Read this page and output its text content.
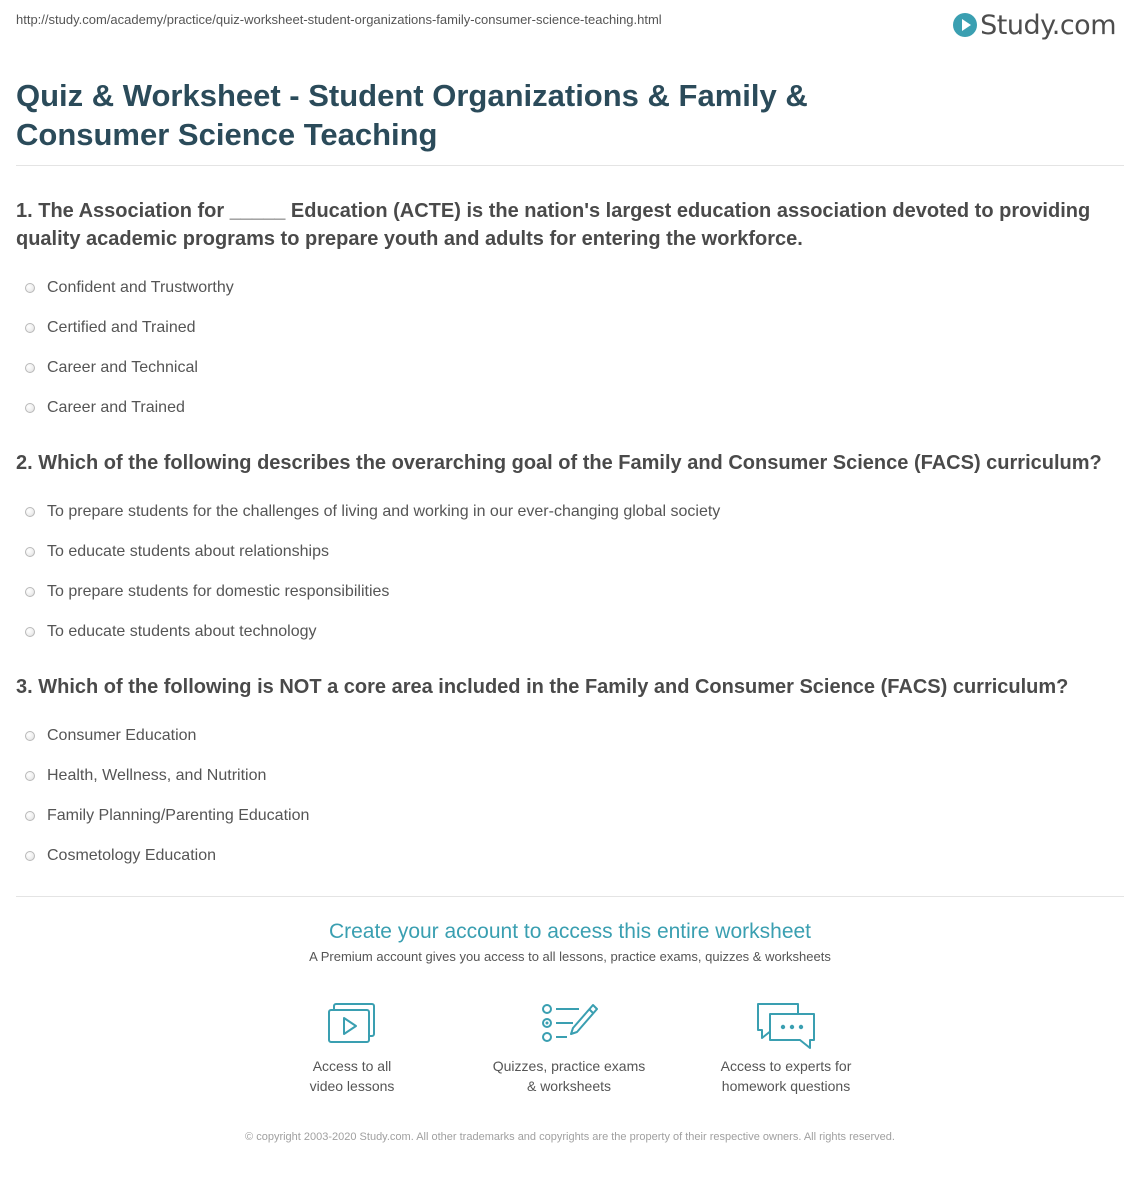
http://study.com/academy/practice/quiz-worksheet-student-organizations-family-consumer-science-teaching.html	Study.com
Quiz & Worksheet - Student Organizations & Family & Consumer Science Teaching
1. The Association for _____ Education (ACTE) is the nation's largest education association devoted to providing quality academic programs to prepare youth and adults for entering the workforce.
Confident and Trustworthy
Certified and Trained
Career and Technical
Career and Trained
2. Which of the following describes the overarching goal of the Family and Consumer Science (FACS) curriculum?
To prepare students for the challenges of living and working in our ever-changing global society
To educate students about relationships
To prepare students for domestic responsibilities
To educate students about technology
3. Which of the following is NOT a core area included in the Family and Consumer Science (FACS) curriculum?
Consumer Education
Health, Wellness, and Nutrition
Family Planning/Parenting Education
Cosmetology Education
Create your account to access this entire worksheet
A Premium account gives you access to all lessons, practice exams, quizzes & worksheets
Access to all
video lessons
Quizzes, practice exams
& worksheets
Access to experts for
homework questions
© copyright 2003-2020 Study.com. All other trademarks and copyrights are the property of their respective owners. All rights reserved.
